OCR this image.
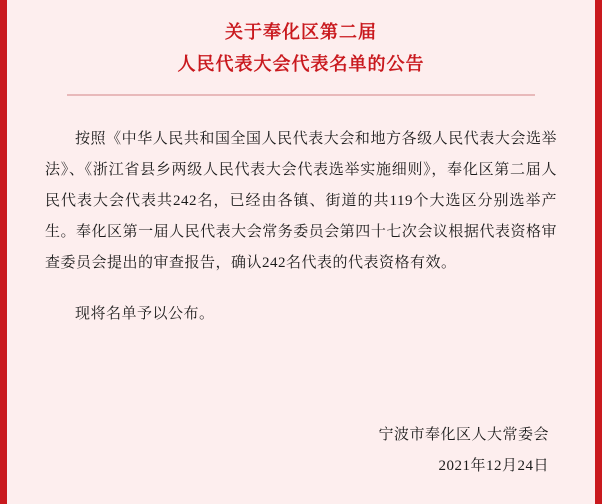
关于奉化区第二届
人民代表大会代表名单的公告

按照《中华人民共和国全国人民代表大会和地方各级人民代表大会选举法》、《浙江省县乡两级人民代表大会代表选举实施细则》，奉化区第二届人民代表大会代表共242名，已经由各镇、街道的共119个大选区分别选举产生。奉化区第一届人民代表大会常务委员会第四十七次会议根据代表资格审查委员会提出的审查报告，确认242名代表的代表资格有效。

现将名单予以公布。

宁波市奉化区人大常委会
2021年12月24日
